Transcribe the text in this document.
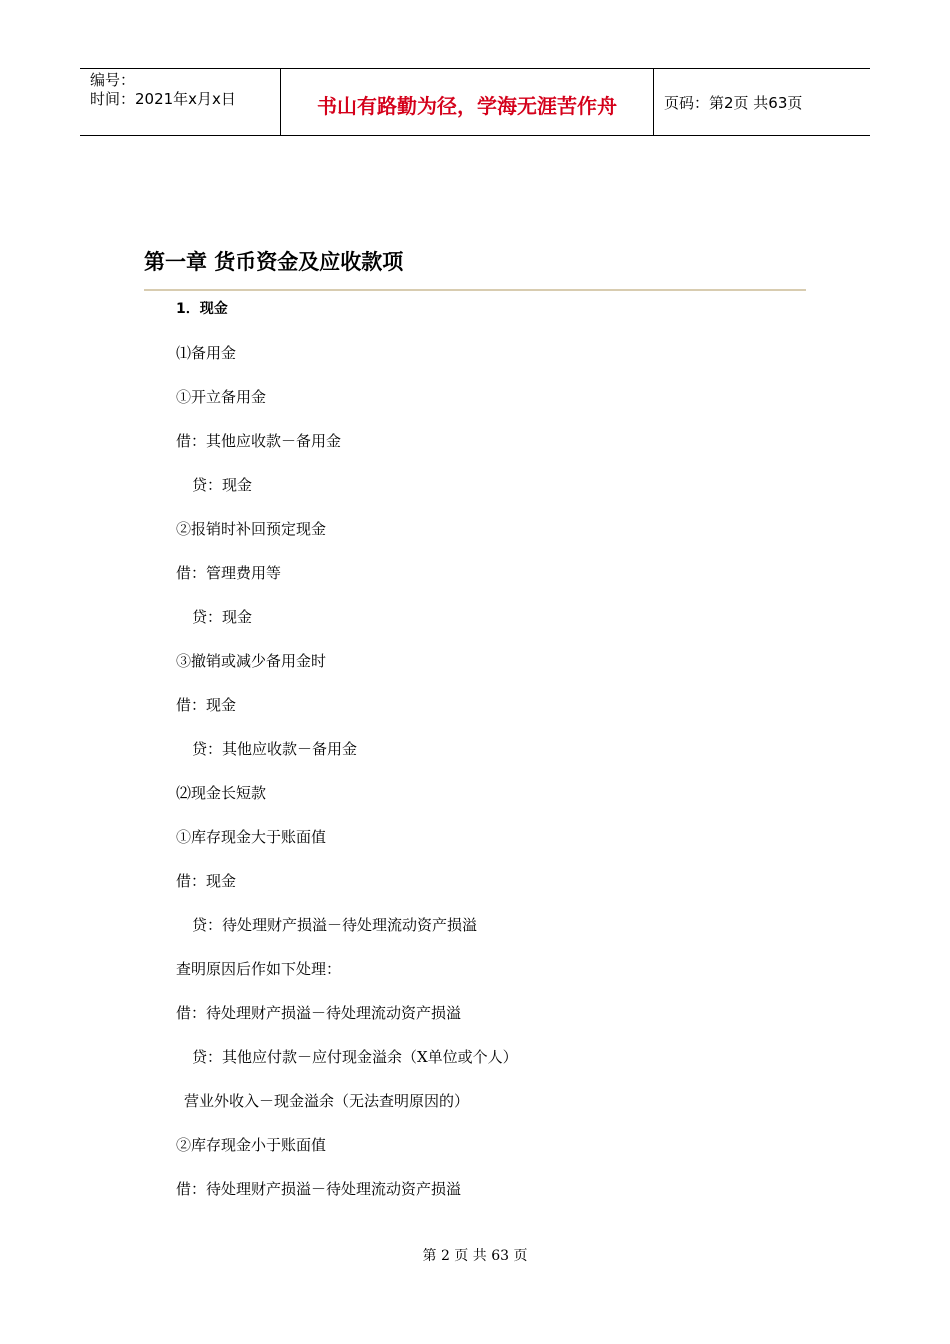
编号：
时间：2021年x月x日	书山有路勤为径，学海无涯苦作舟	页码：第2页 共63页
第一章 货币资金及应收款项
1．现金
⑴备用金
①开立备用金
借：其他应收款－备用金
贷：现金
②报销时补回预定现金
借：管理费用等
贷：现金
③撤销或减少备用金时
借：现金
贷：其他应收款－备用金
⑵现金长短款
①库存现金大于账面值
借：现金
贷：待处理财产损溢－待处理流动资产损溢
查明原因后作如下处理：
借：待处理财产损溢－待处理流动资产损溢
贷：其他应付款－应付现金溢余（X单位或个人）
营业外收入－现金溢余（无法查明原因的）
②库存现金小于账面值
借：待处理财产损溢－待处理流动资产损溢
第 2 页 共 63 页
